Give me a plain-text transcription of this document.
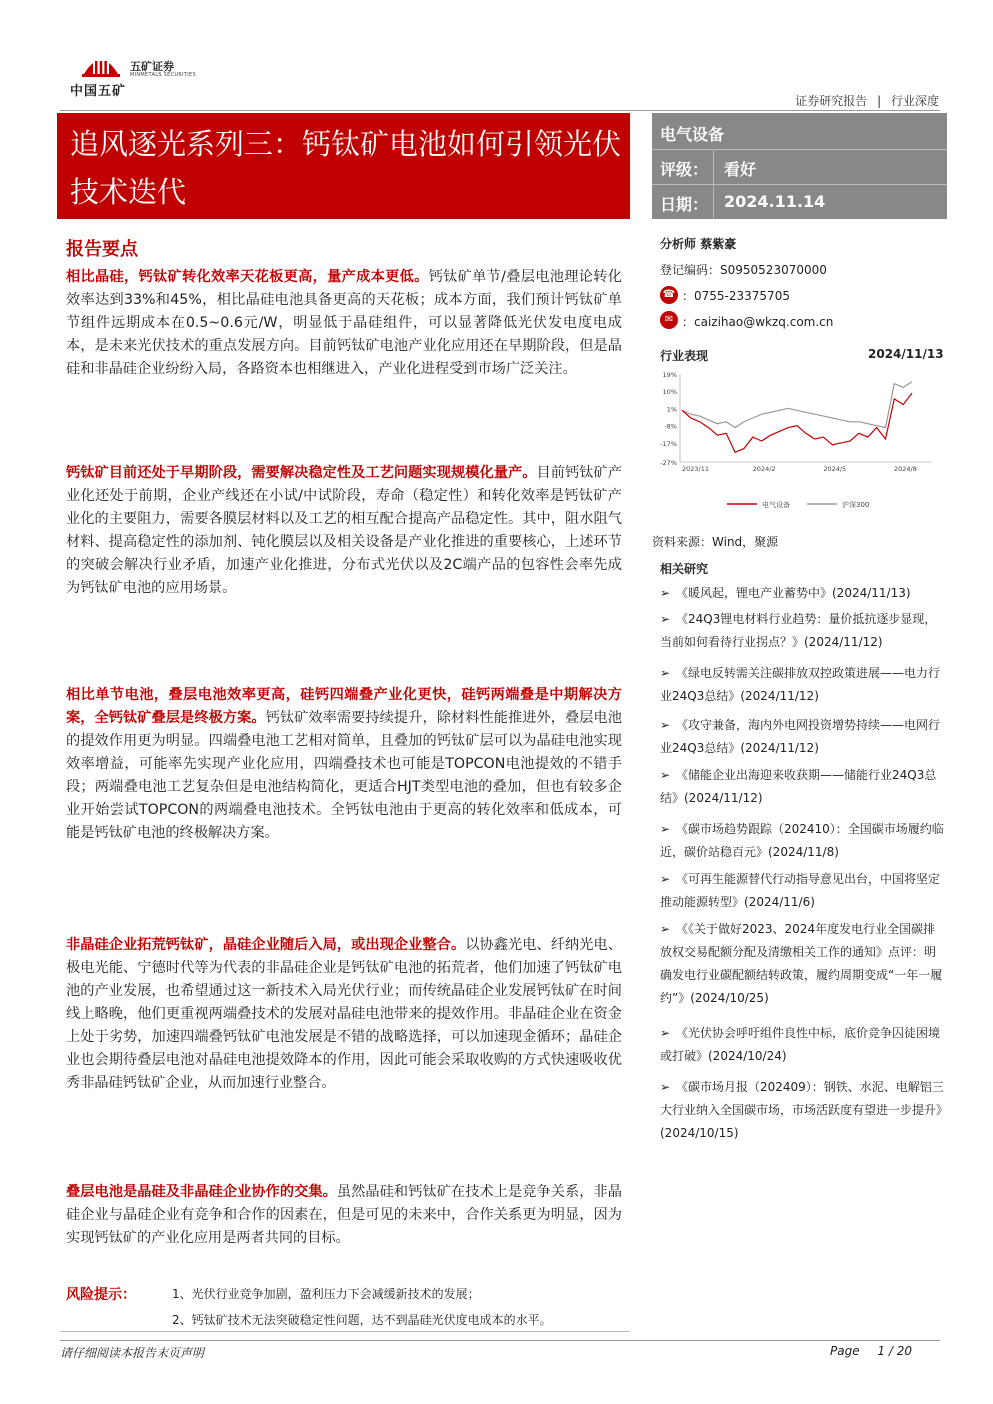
中国五矿
五矿证券
MINMETALS SECURITIES
证券研究报告 | 行业深度
追风逐光系列三：钙钛矿电池如何引领光伏技术迭代
电气设备
评级： 看好
日期： 2024.11.14
分析师 蔡紫豪
登记编码：S0950523070000
☎ ：0755-23375705
✉ ：caizihao@wkzq.com.cn
行业表现	2024/11/13
19%
10%
1%
-8%
-17%
-27%
2023/11	2024/2	2024/5	2024/8
电气设备	沪深300
资料来源：Wind，聚源
相关研究
➢ 《暖风起，锂电产业蓄势中》(2024/11/13)
➢ 《24Q3锂电材料行业趋势：量价抵抗逐步显现，当前如何看待行业拐点？》(2024/11/12)
➢ 《绿电反转需关注碳排放双控政策进展——电力行业24Q3总结》(2024/11/12)
➢ 《攻守兼备，海内外电网投资增势持续——电网行业24Q3总结》(2024/11/12)
➢ 《储能企业出海迎来收获期——储能行业24Q3总结》(2024/11/12)
➢ 《碳市场趋势跟踪（202410）：全国碳市场履约临近，碳价站稳百元》(2024/11/8)
➢ 《可再生能源替代行动指导意见出台，中国将坚定推动能源转型》(2024/11/6)
➢ 《《关于做好2023、2024年度发电行业全国碳排放权交易配额分配及清缴相关工作的通知》点评：明确发电行业碳配额结转政策，履约周期变成“一年一履约”》(2024/10/25)
➢ 《光伏协会呼吁组件良性中标，底价竞争囚徒困境或打破》(2024/10/24)
➢ 《碳市场月报（202409）：钢铁、水泥、电解铝三大行业纳入全国碳市场，市场活跃度有望进一步提升》(2024/10/15)
报告要点
相比晶硅，钙钛矿转化效率天花板更高，量产成本更低。钙钛矿单节/叠层电池理论转化效率达到33%和45%，相比晶硅电池具备更高的天花板；成本方面，我们预计钙钛矿单节组件远期成本在0.5~0.6元/W，明显低于晶硅组件，可以显著降低光伏发电度电成本，是未来光伏技术的重点发展方向。目前钙钛矿电池产业化应用还在早期阶段，但是晶硅和非晶硅企业纷纷入局，各路资本也相继进入，产业化进程受到市场广泛关注。
钙钛矿目前还处于早期阶段，需要解决稳定性及工艺问题实现规模化量产。目前钙钛矿产业化还处于前期，企业产线还在小试/中试阶段，寿命（稳定性）和转化效率是钙钛矿产业化的主要阻力，需要各膜层材料以及工艺的相互配合提高产品稳定性。其中，阻水阻气材料、提高稳定性的添加剂、钝化膜层以及相关设备是产业化推进的重要核心，上述环节的突破会解决行业矛盾，加速产业化推进，分布式光伏以及2C端产品的包容性会率先成为钙钛矿电池的应用场景。
相比单节电池，叠层电池效率更高，硅钙四端叠产业化更快，硅钙两端叠是中期解决方案，全钙钛矿叠层是终极方案。钙钛矿效率需要持续提升，除材料性能推进外，叠层电池的提效作用更为明显。四端叠电池工艺相对简单，且叠加的钙钛矿层可以为晶硅电池实现效率增益，可能率先实现产业化应用，四端叠技术也可能是TOPCON电池提效的不错手段；两端叠电池工艺复杂但是电池结构简化，更适合HJT类型电池的叠加，但也有较多企业开始尝试TOPCON的两端叠电池技术。全钙钛电池由于更高的转化效率和低成本，可能是钙钛矿电池的终极解决方案。
非晶硅企业拓荒钙钛矿，晶硅企业随后入局，或出现企业整合。以协鑫光电、纤纳光电、极电光能、宁德时代等为代表的非晶硅企业是钙钛矿电池的拓荒者，他们加速了钙钛矿电池的产业发展，也希望通过这一新技术入局光伏行业；而传统晶硅企业发展钙钛矿在时间线上略晚，他们更重视两端叠技术的发展对晶硅电池带来的提效作用。非晶硅企业在资金上处于劣势，加速四端叠钙钛矿电池发展是不错的战略选择，可以加速现金循环；晶硅企业也会期待叠层电池对晶硅电池提效降本的作用，因此可能会采取收购的方式快速吸收优秀非晶硅钙钛矿企业，从而加速行业整合。
叠层电池是晶硅及非晶硅企业协作的交集。虽然晶硅和钙钛矿在技术上是竞争关系，非晶硅企业与晶硅企业有竞争和合作的因素在，但是可见的未来中，合作关系更为明显，因为实现钙钛矿的产业化应用是两者共同的目标。
风险提示：	1、光伏行业竞争加剧，盈利压力下会减缓新技术的发展；
2、钙钛矿技术无法突破稳定性问题，达不到晶硅光伏度电成本的水平。
请仔细阅读本报告末页声明	Page 1 / 20
